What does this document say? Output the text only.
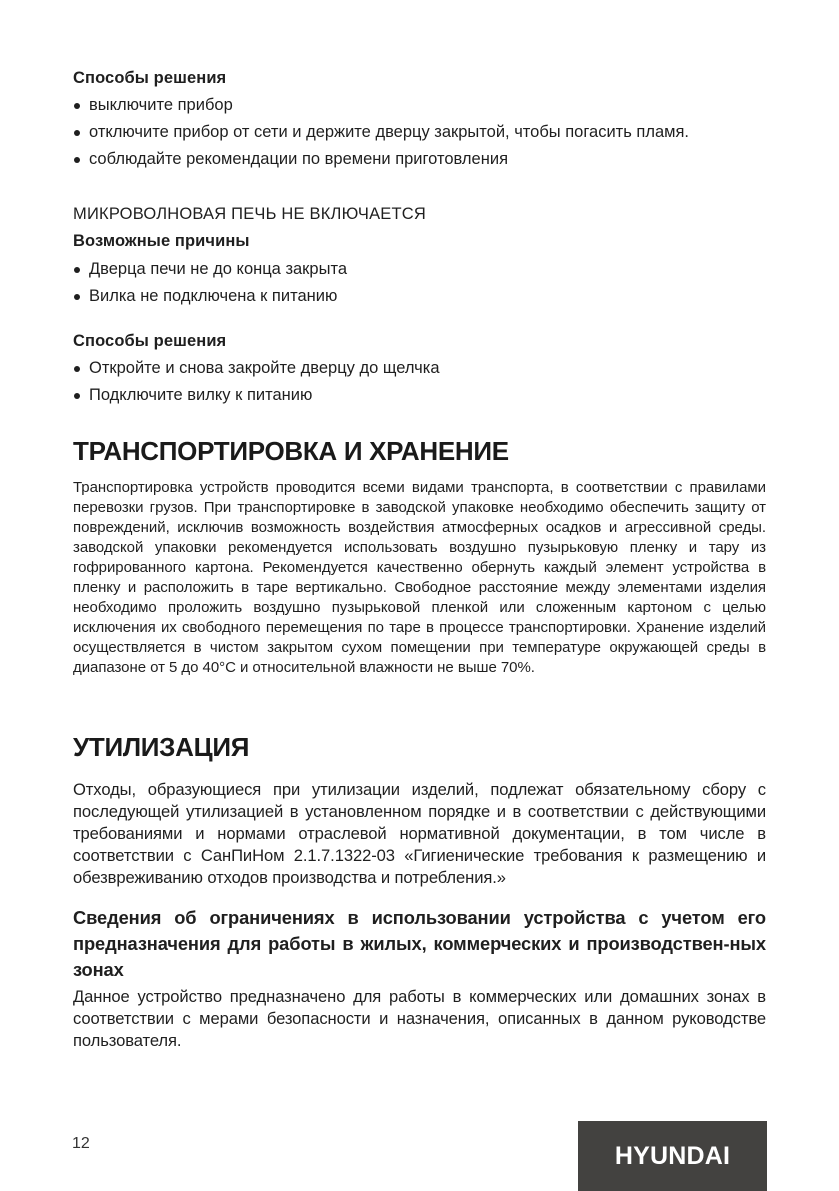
Способы решения
выключите прибор
отключите прибор от сети и держите дверцу закрытой, чтобы погасить пламя.
соблюдайте рекомендации по времени приготовления
МИКРОВОЛНОВАЯ ПЕЧЬ НЕ ВКЛЮЧАЕТСЯ
Возможные причины
Дверца печи не до конца закрыта
Вилка не подключена к питанию
Способы решения
Откройте и снова закройте дверцу до щелчка
Подключите вилку к питанию
ТРАНСПОРТИРОВКА И ХРАНЕНИЕ

Транспортировка устройств проводится всеми видами транспорта, в соответствии с правилами перевозки грузов. При транспортировке в заводской упаковке необходимо обеспечить защиту от повреждений, исключив возможность воздействия атмосферных осадков и агрессивной среды. заводской упаковки рекомендуется использовать воздушно пузырьковую пленку и тару из гофрированного картона. Рекомендуется качественно обернуть каждый элемент устройства в пленку и расположить в таре вертикально. Свободное расстояние между элементами изделия необходимо проложить воздушно пузырьковой пленкой или сложенным картоном с целью исключения их свободного перемещения по таре в процессе транспортировки. Хранение изделий осуществляется в чистом закрытом сухом помещении при температуре окружающей среды в диапазоне от 5 до 40°C и относительной влажности не выше 70%.

УТИЛИЗАЦИЯ

Отходы, образующиеся при утилизации изделий, подлежат обязательному сбору с последующей утилизацией в установленном порядке и в соответствии с действующими требованиями и нормами отраслевой нормативной документации, в том числе в соответствии с СанПиНом 2.1.7.1322-03 «Гигиенические требования к размещению и обезвреживанию отходов производства и потребления.»

Сведения об ограничениях в использовании устройства с учетом его предназначения для работы в жилых, коммерческих и производствен-ных зонах

Данное устройство предназначено для работы в коммерческих или домашних зонах в соответствии с мерами безопасности и назначения, описанных в данном руководстве пользователя.

12	HYUNDAI
